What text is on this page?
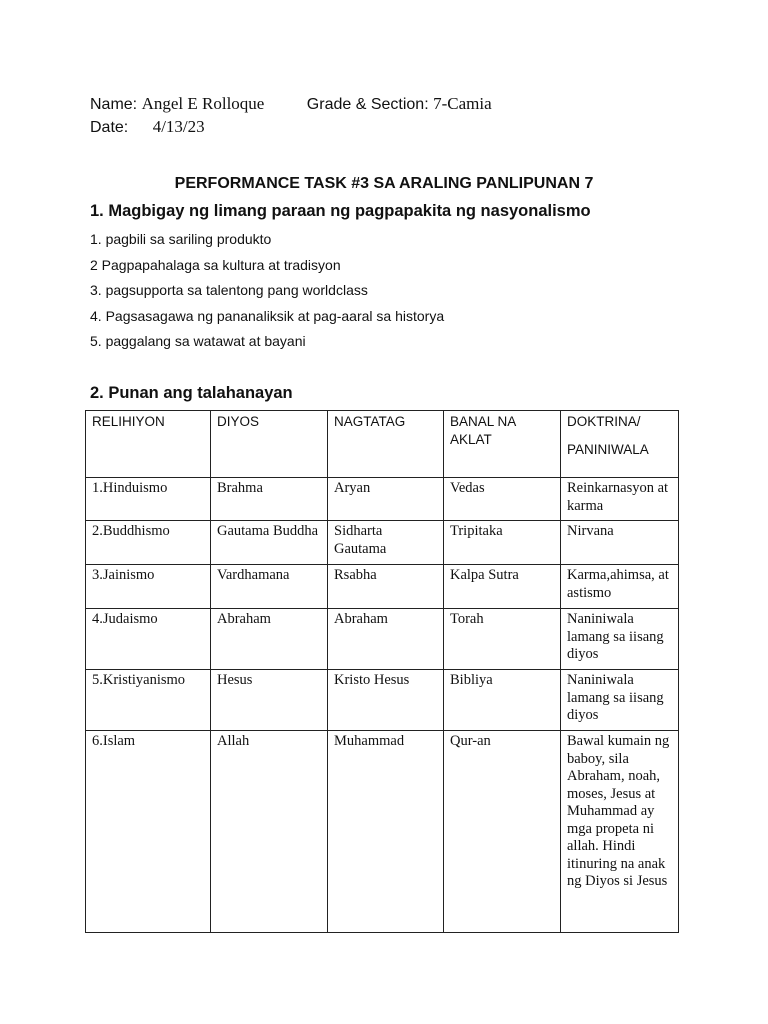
Name: Angel E Rolloque	Grade & Section: 7-Camia
Date: 4/13/23
PERFORMANCE TASK #3 SA ARALING PANLIPUNAN 7
1. Magbigay ng limang paraan ng pagpapakita ng nasyonalismo
1. pagbili sa sariling produkto
2 Pagpapahalaga sa kultura at tradisyon
3. pagsupporta sa talentong pang worldclass
4. Pagsasagawa ng pananaliksik at pag-aaral sa historya
5. paggalang sa watawat at bayani
2. Punan ang talahanayan
RELIHIYON	DIYOS	NAGTATAG	BANAL NA AKLAT	DOKTRINA/
PANINIWALA
1.Hinduismo	Brahma	Aryan	Vedas	Reinkarnasyon at karma
2.Buddhismo	Gautama Buddha	Sidharta Gautama	Tripitaka	Nirvana
3.Jainismo	Vardhamana	Rsabha	Kalpa Sutra	Karma,ahimsa, at astismo
4.Judaismo	Abraham	Abraham	Torah	Naniniwala lamang sa iisang diyos
5.Kristiyanismo	Hesus	Kristo Hesus	Bibliya	Naniniwala lamang sa iisang diyos
6.Islam	Allah	Muhammad	Qur-an	Bawal kumain ng baboy, sila Abraham, noah, moses, Jesus at Muhammad ay mga propeta ni allah. Hindi itinuring na anak ng Diyos si Jesus
